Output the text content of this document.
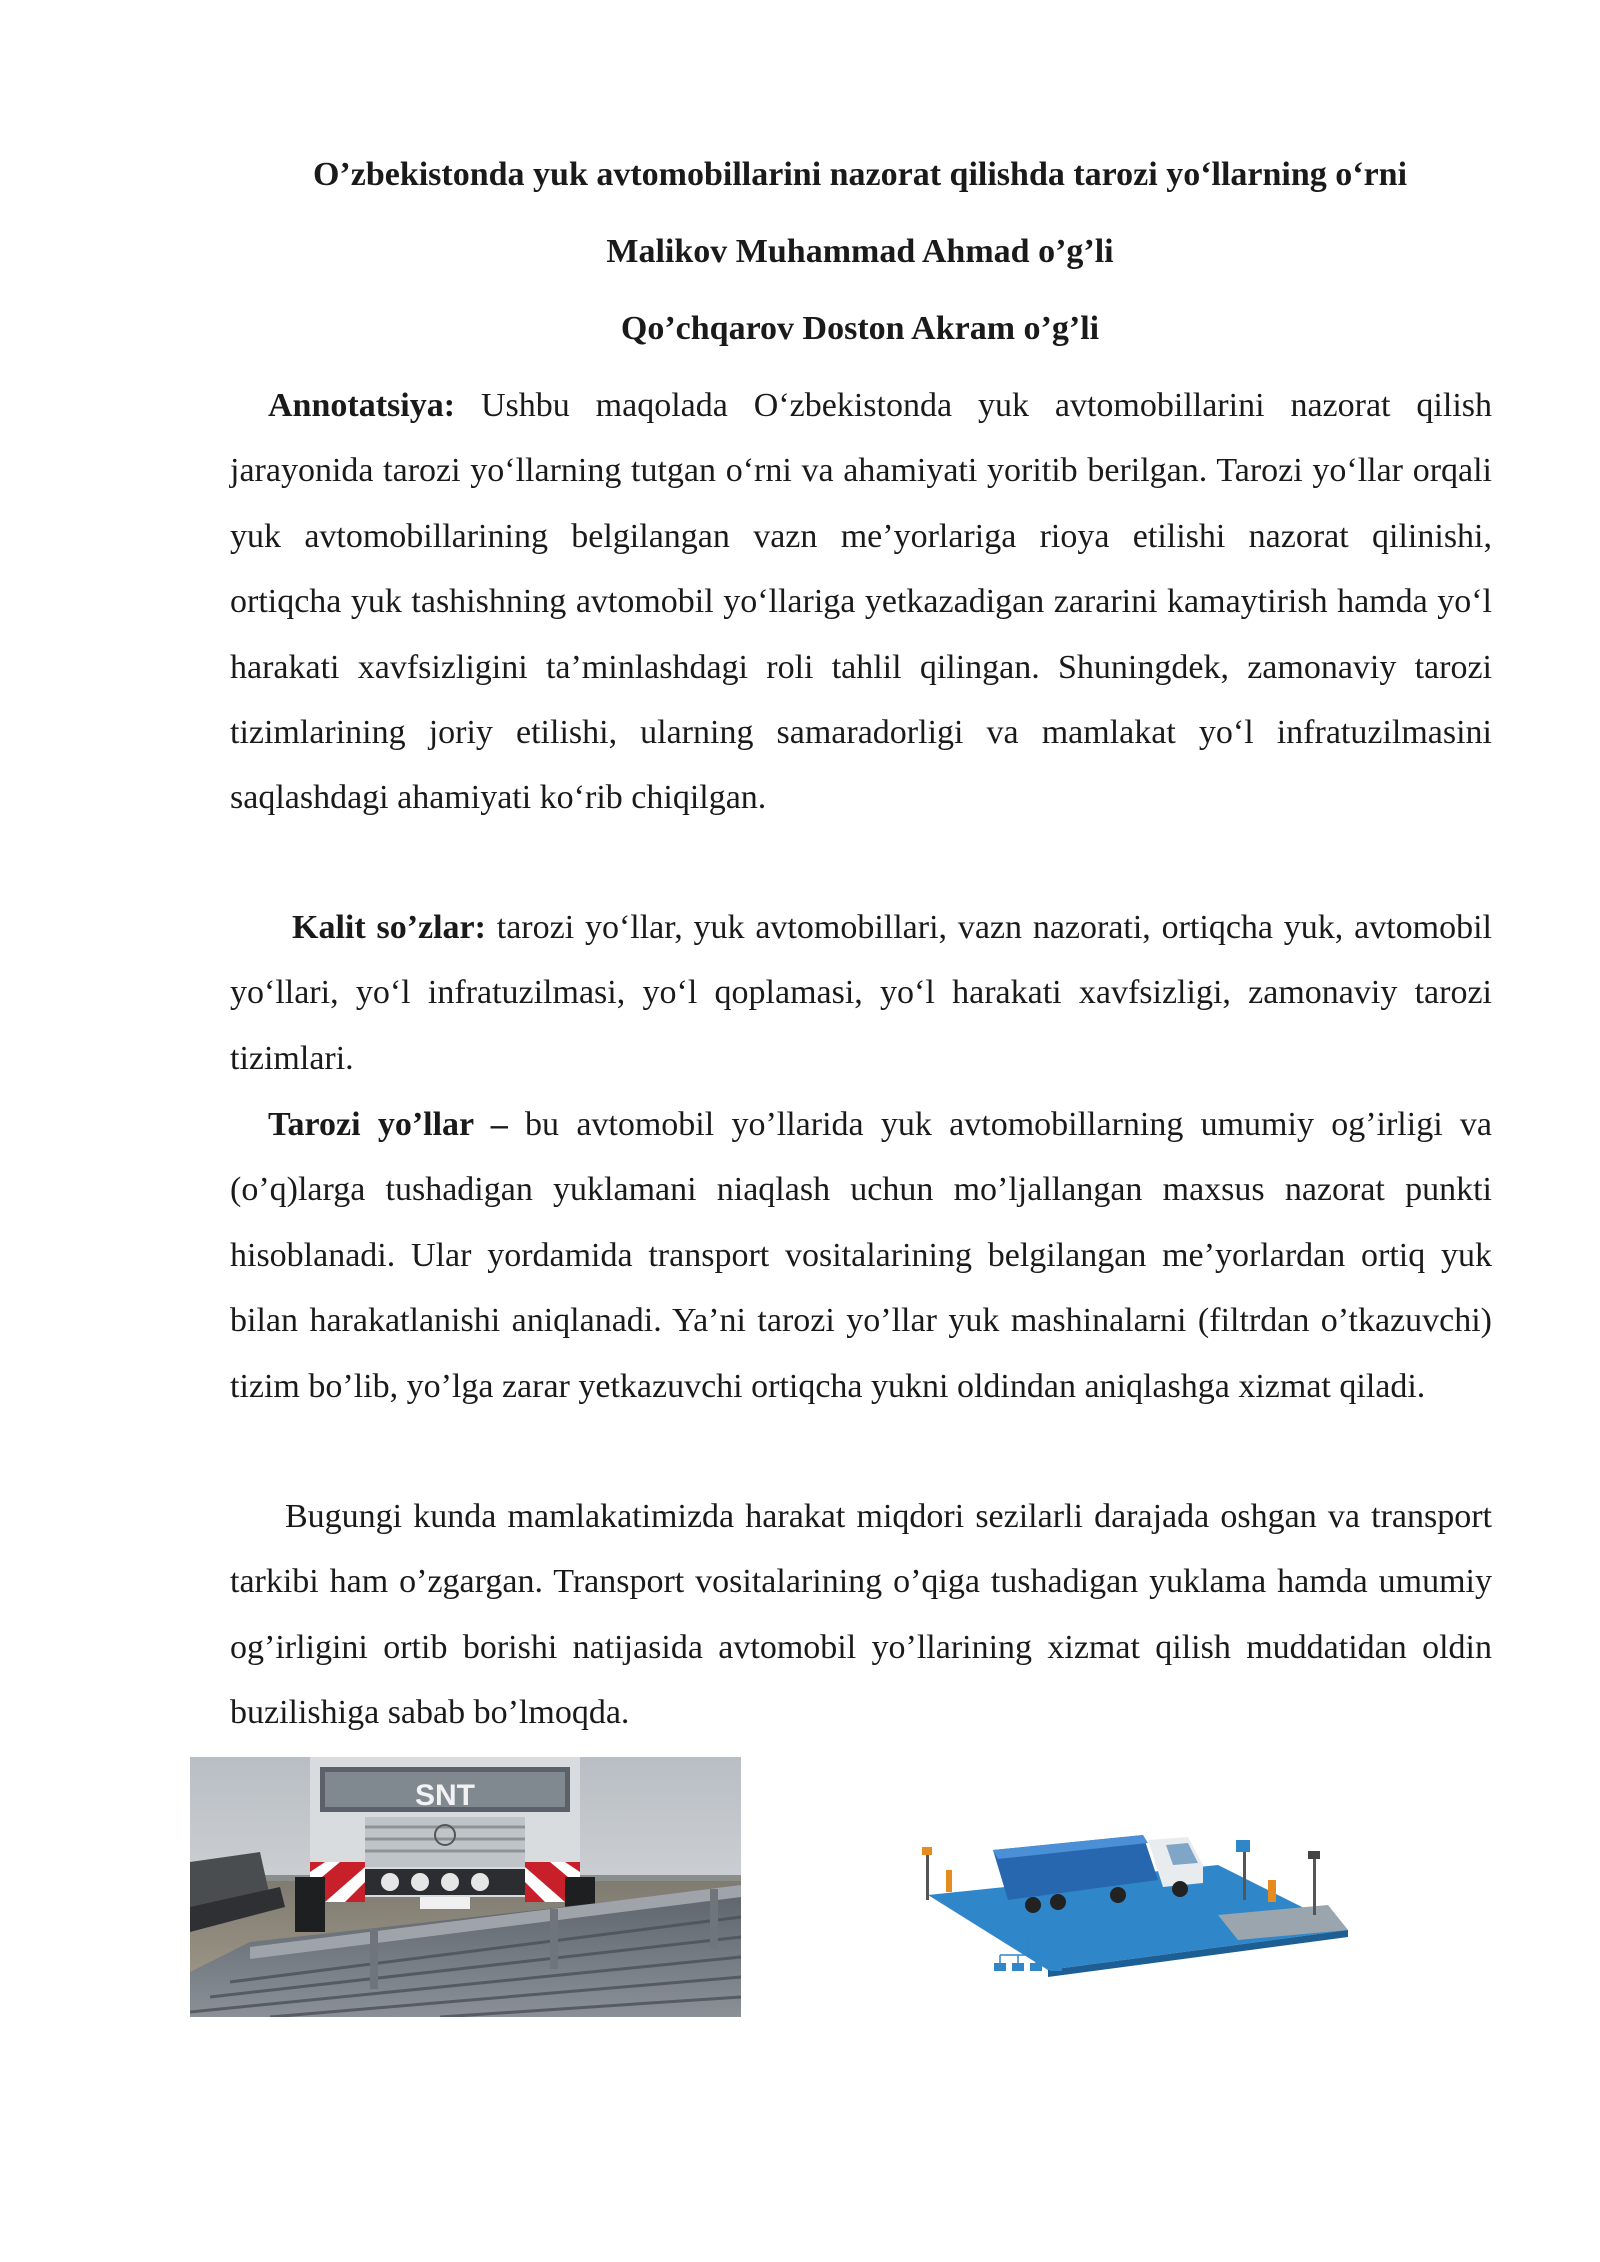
O’zbekistonda yuk avtomobillarini nazorat qilishda tarozi yo‘llarning o‘rni
Malikov Muhammad Ahmad o’g’li
Qo’chqarov Doston Akram o’g’li
Annotatsiya: Ushbu maqolada O‘zbekistonda yuk avtomobillarini nazorat qilish jarayonida tarozi yo‘llarning tutgan o‘rni va ahamiyati yoritib berilgan. Tarozi yo‘llar orqali yuk avtomobillarining belgilangan vazn me’yorlariga rioya etilishi nazorat qilinishi, ortiqcha yuk tashishning avtomobil yo‘llariga yetkazadigan zararini kamaytirish hamda yo‘l harakati xavfsizligini ta’minlashdagi roli tahlil qilingan. Shuningdek, zamonaviy tarozi tizimlarining joriy etilishi, ularning samaradorligi va mamlakat yo‘l infratuzilmasini saqlashdagi ahamiyati ko‘rib chiqilgan.
Kalit so’zlar: tarozi yo‘llar, yuk avtomobillari, vazn nazorati, ortiqcha yuk, avtomobil yo‘llari, yo‘l infratuzilmasi, yo‘l qoplamasi, yo‘l harakati xavfsizligi, zamonaviy tarozi tizimlari.
Tarozi yo’llar – bu avtomobil yo’llarida yuk avtomobillarning umumiy og’irligi va (o’q)larga tushadigan yuklamani niaqlash uchun mo’ljallangan maxsus nazorat punkti hisoblanadi. Ular yordamida transport vositalarining belgilangan me’yorlardan ortiq yuk bilan harakatlanishi aniqlanadi. Ya’ni tarozi yo’llar yuk mashinalarni (filtrdan o’tkazuvchi) tizim bo’lib, yo’lga zarar yetkazuvchi ortiqcha yukni oldindan aniqlashga xizmat qiladi.
Bugungi kunda mamlakatimizda harakat miqdori sezilarli darajada oshgan va transport tarkibi ham o’zgargan. Transport vositalarining o’qiga tushadigan yuklama hamda umumiy og’irligini ortib borishi natijasida avtomobil yo’llarining xizmat qilish muddatidan oldin buzilishiga sabab bo’lmoqda.
SNT
